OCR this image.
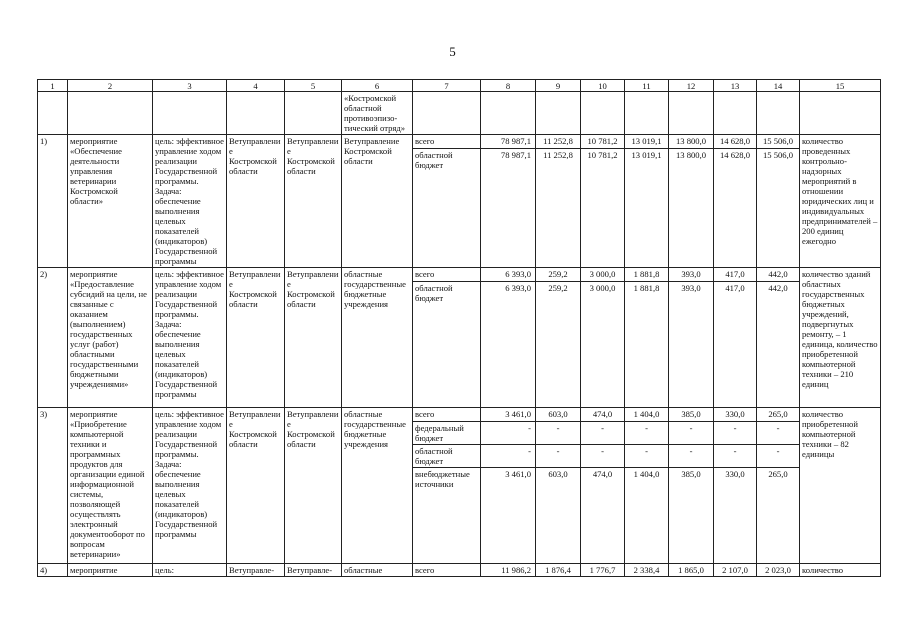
5
1	2	3	4	5	6	7	8	9	10	11	12	13	14	15
					«Костромской областной противоэпизо-тический отряд»									
1)	мероприятие «Обеспечение деятельности управления ветеринарии Костромской области»	цель: эффективное управление ходом реализации Государственной программы. Задача: обеспечение выполнения целевых показателей (индикаторов) Государственной программы	Ветуправление Костромской области	Ветуправление Костромской области	Ветуправление Костромской области	всего	78 987,1	11 252,8	10 781,2	13 019,1	13 800,0	14 628,0	15 506,0	количество проведенных контрольно-надзорных мероприятий в отношении юридических лиц и индивидуальных предпринимателей – 200 единиц ежегодно
						областной бюджет	78 987,1	11 252,8	10 781,2	13 019,1	13 800,0	14 628,0	15 506,0	
2)	мероприятие «Предоставление субсидий на цели, не связанные с оказанием (выполнением) государственных услуг (работ) областными государственными бюджетными учреждениями»	цель: эффективное управление ходом реализации Государственной программы. Задача: обеспечение выполнения целевых показателей (индикаторов) Государственной программы	Ветуправление Костромской области	Ветуправление Костромской области	областные государственные бюджетные учреждения	всего	6 393,0	259,2	3 000,0	1 881,8	393,0	417,0	442,0	количество зданий областных государственных бюджетных учреждений, подвергнутых ремонту, – 1 единица, количество приобретенной компьютерной техники – 210 единиц
						областной бюджет	6 393,0	259,2	3 000,0	1 881,8	393,0	417,0	442,0	
3)	мероприятие «Приобретение компьютерной техники и программных продуктов для организации единой информационной системы, позволяющей осуществлять электронный документооборот по вопросам ветеринарии»	цель: эффективное управление ходом реализации Государственной программы. Задача: обеспечение выполнения целевых показателей (индикаторов) Государственной программы	Ветуправление Костромской области	Ветуправление Костромской области	областные государственные бюджетные учреждения	всего	3 461,0	603,0	474,0	1 404,0	385,0	330,0	265,0	количество приобретенной компьютерной техники – 82 единицы
						федеральный бюджет	-	-	-	-	-	-	-	
						областной бюджет	-	-	-	-	-	-	-	
						внебюджетные источники	3 461,0	603,0	474,0	1 404,0	385,0	330,0	265,0	
4)	мероприятие	цель:	Ветуправле-	Ветуправле-	областные	всего	11 986,2	1 876,4	1 776,7	2 338,4	1 865,0	2 107,0	2 023,0	количество
